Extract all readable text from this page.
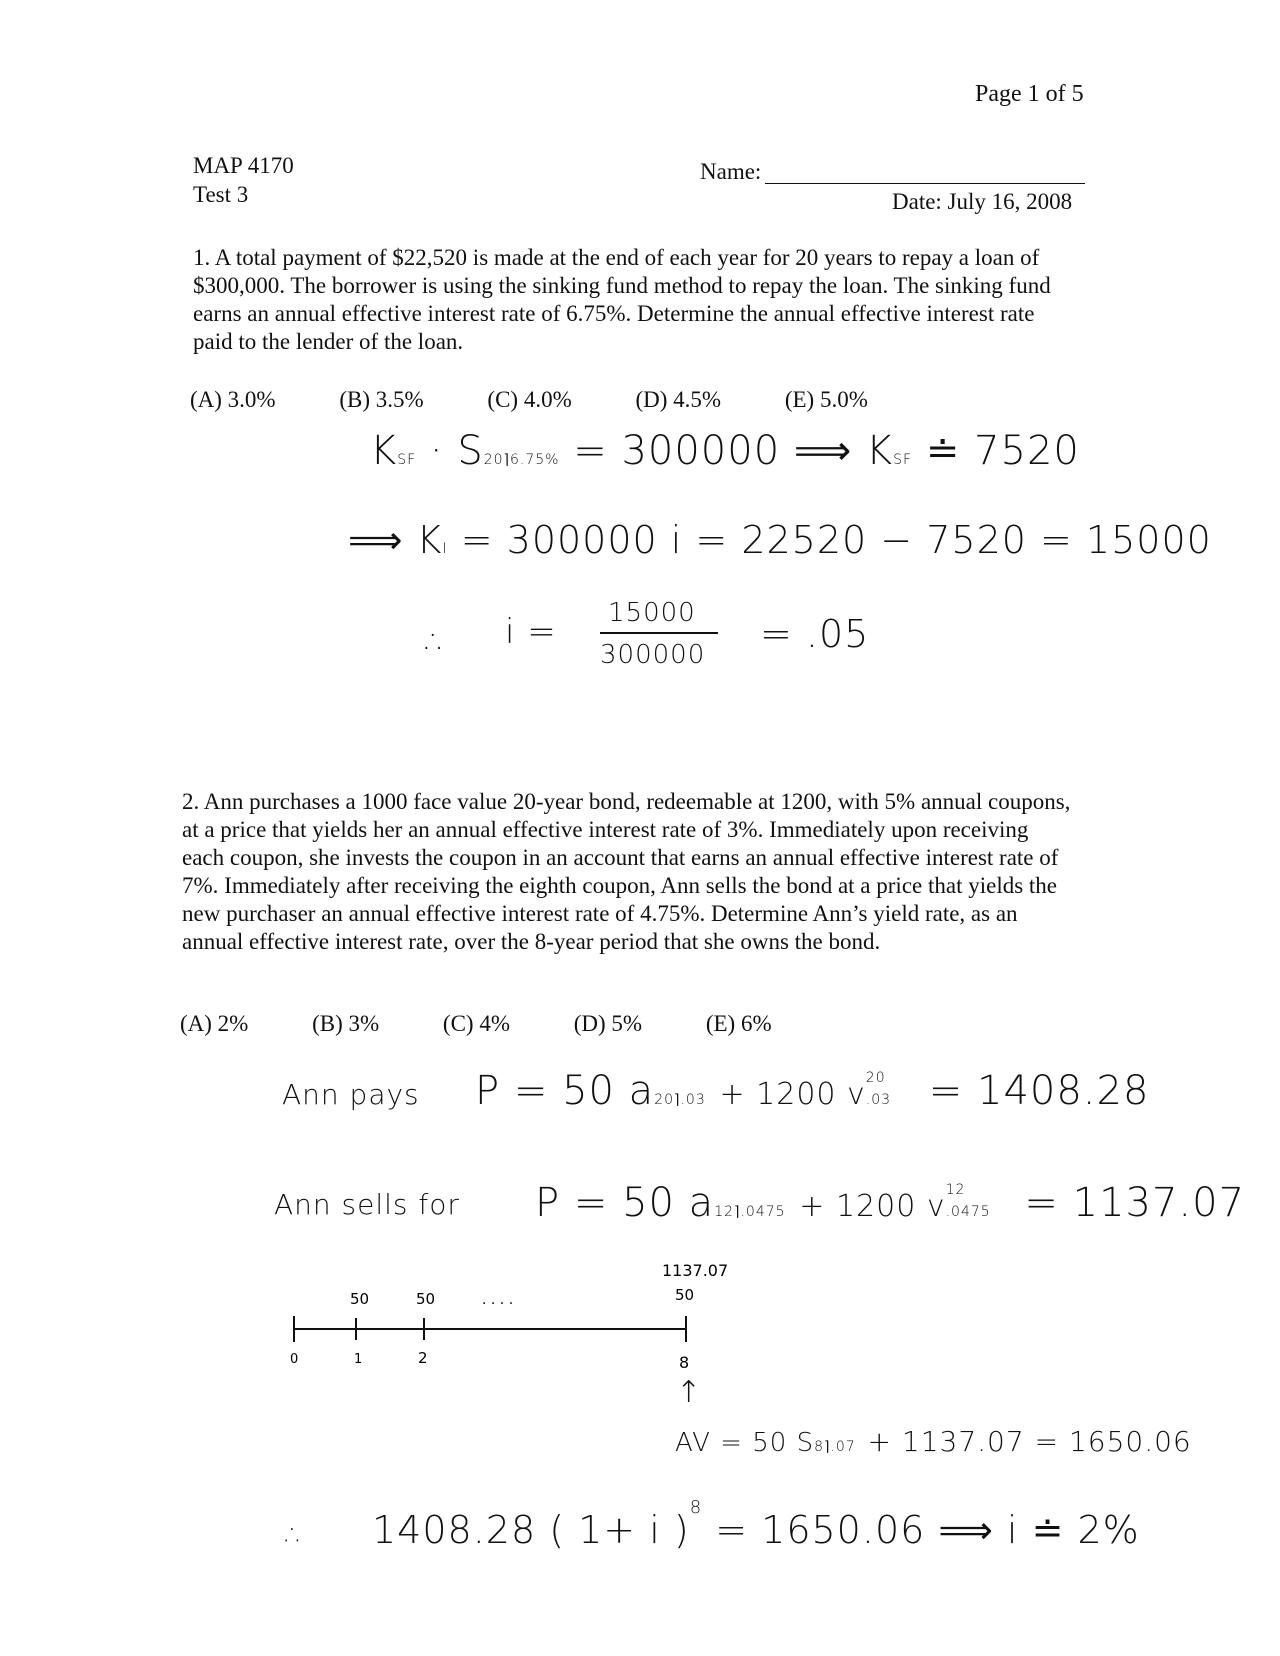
Page 1 of 5
MAP 4170
Test 3
Name:
Date: July 16, 2008
1. A total payment of $22,520 is made at the end of each year for 20 years to repay a loan of $300,000. The borrower is using the sinking fund method to repay the loan. The sinking fund earns an annual effective interest rate of 6.75%. Determine the annual effective interest rate paid to the lender of the loan.
(A) 3.0%	(B) 3.5%	(C) 4.0%	(D) 4.5%	(E) 5.0%
KSF · S20⌉6.75% = 300000 ⟹ KSF ≐ 7520
⟹ KI = 300000 i = 22520 − 7520 = 15000
∴ i = 15000
300000 = .05
2. Ann purchases a 1000 face value 20-year bond, redeemable at 1200, with 5% annual coupons, at a price that yields her an annual effective interest rate of 3%. Immediately upon receiving each coupon, she invests the coupon in an account that earns an annual effective interest rate of 7%. Immediately after receiving the eighth coupon, Ann sells the bond at a price that yields the new purchaser an annual effective interest rate of 4.75%. Determine Ann’s yield rate, as an annual effective interest rate, over the 8-year period that she owns the bond.
(A) 2%	(B) 3%	(C) 4%	(D) 5%	(E) 6%
Ann pays P = 50 a20⌉.03 + 1200 v 20
.03 = 1408.28
Ann sells for P = 50 a12⌉.0475 + 1200 v 12
.0475 = 1137.07
50	50	· · · ·
1137.07
50
0	1	2	8
↑
AV = 50 S8⌉.07 + 1137.07 = 1650.06
∴ 1408.28 ( 1+ i )$^8$ = 1650.06 ⟹ i ≐ 2%
